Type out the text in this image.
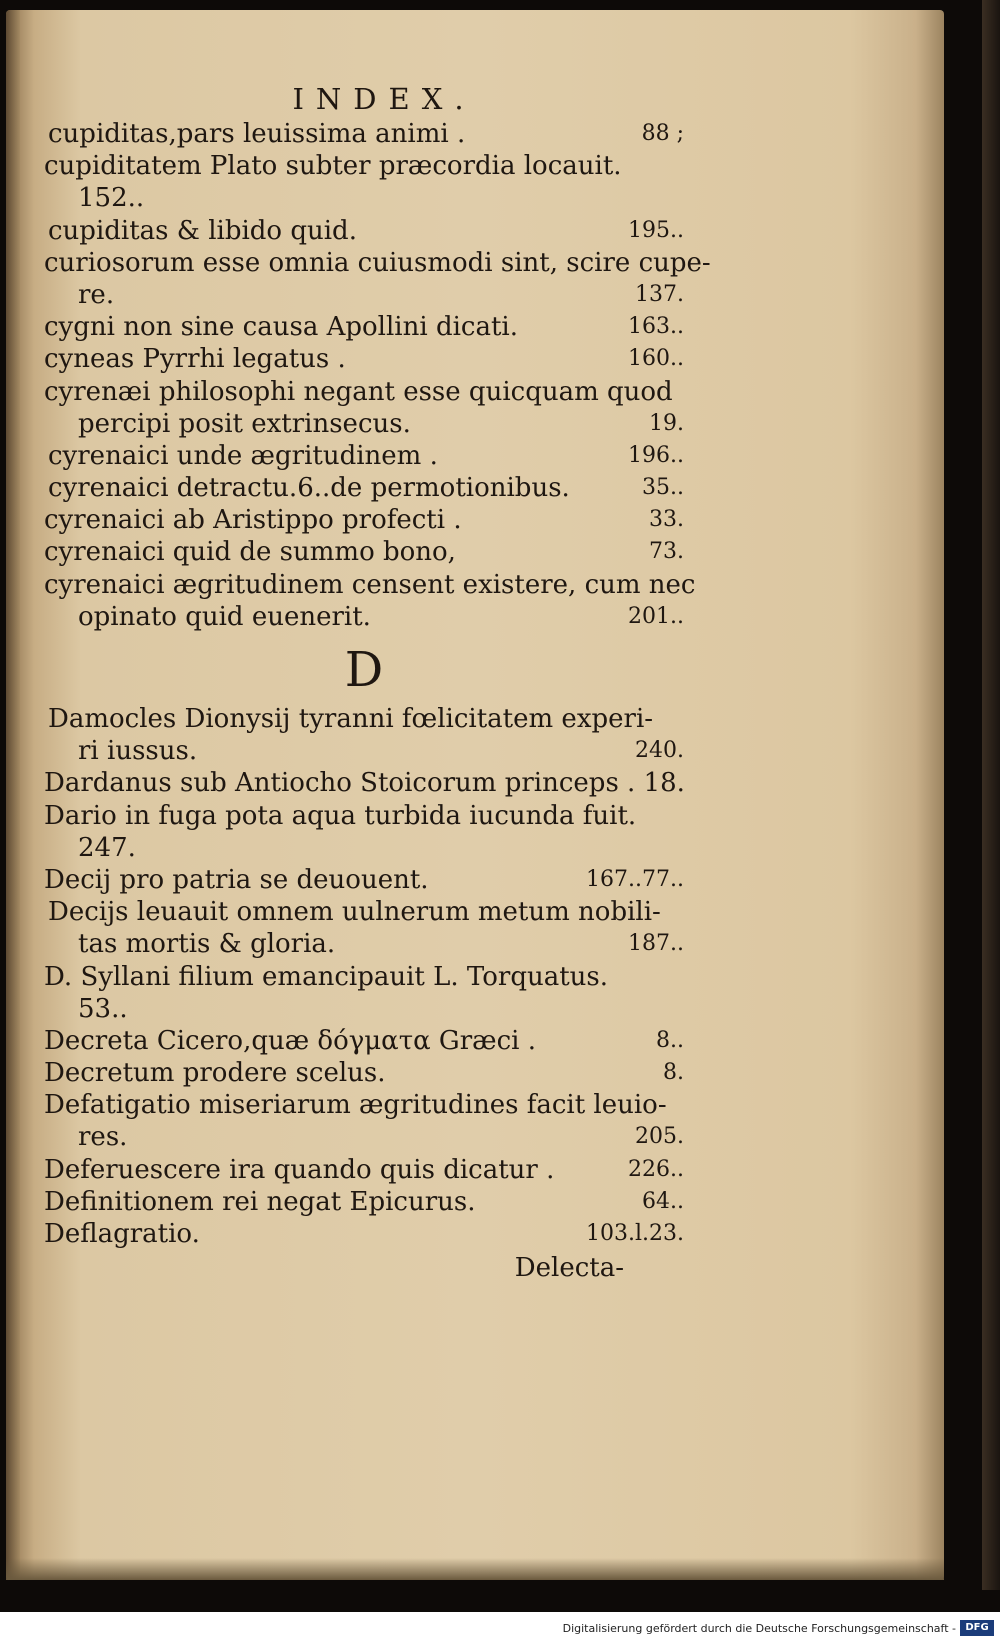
INDEX.
cupiditas,pars leuissima animi .	88 ;
cupiditatem Plato subter præcordia locauit.
152..
cupiditas & libido quid.	195..
curiosorum esse omnia cuiusmodi sint, scire cupe-
re.	137.
cygni non sine causa Apollini dicati.	163..
cyneas Pyrrhi legatus .	160..
cyrenæi philosophi negant esse quicquam quod
percipi posit extrinsecus.	19.
cyrenaici unde ægritudinem .	196..
cyrenaici detractu.6..de permotionibus.	35..
cyrenaici ab Aristippo profecti .	33.
cyrenaici quid de summo bono,	73.
cyrenaici ægritudinem censent existere, cum nec
opinato quid euenerit.	201..
D
Damocles Dionysij tyranni fœlicitatem experi-
ri iussus.	240.
Dardanus sub Antiocho Stoicorum princeps . 18.
Dario in fuga pota aqua turbida iucunda fuit.
247.
Decij pro patria se deuouent.	167..77..
Decijs leuauit omnem uulnerum metum nobili-
tas mortis & gloria.	187..
D. Syllani filium emancipauit L. Torquatus.
53..
Decreta Cicero,quæ δόγματα Græci .	8..
Decretum prodere scelus.	8.
Defatigatio miseriarum ægritudines facit leuio-
res.	205.
Deferuescere ira quando quis dicatur .	226..
Definitionem rei negat Epicurus.	64..
Deflagratio.	103.l.23.
Delecta-
Digitalisierung gefördert durch die Deutsche Forschungsgemeinschaft - DFG
